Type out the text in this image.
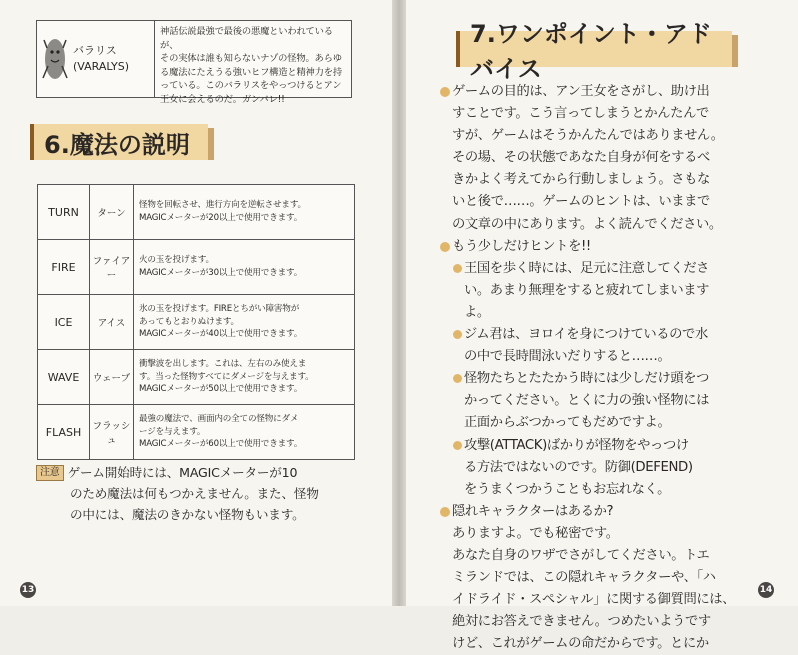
バラリス
(VARALYS)
神話伝説最強で最後の悪魔といわれているが、
その実体は誰も知らないナゾの怪物。あらゆ
る魔法にたえうる強いヒフ構造と精神力を持
っている。このバラリスをやっつけるとアン
王女に会えるのだ。ガンバレ!!
6.魔法の説明
TURN	ターン	怪物を回転させ、進行方向を逆転させます。
MAGICメーターが20以上で使用できます。

FIRE	ファイアー	火の玉を投げます。
MAGICメーターが30以上で使用できます。

ICE	アイス	氷の玉を投げます。FIREとちがい障害物が
あってもとおりぬけます。
MAGICメーターが40以上で使用できます。

WAVE	ウェーブ	衝撃波を出します。これは、左右のみ使えま
す。当った怪物すべてにダメージを与えます。
MAGICメーターが50以上で使用できます。

FLASH	フラッシュ	最強の魔法で、画面内の全ての怪物にダメ
ージを与えます。
MAGICメーターが60以上で使用できます。

注意 ゲーム開始時には、MAGICメーターが10

のため魔法は何もつかえません。また、怪物

の中には、魔法のきかない怪物もいます。

13
7.ワンポイント・アドバイス
14

ゲームの目的は、アン王女をさがし、助け出

すことです。こう言ってしまうとかんたんで

すが、ゲームはそうかんたんではありません。

その場、その状態であなた自身が何をするべ

きかよく考えてから行動しましょう。さもな

いと後で……。ゲームのヒントは、いままで

の文章の中にあります。よく読んでください。

もう少しだけヒントを!!

王国を歩く時には、足元に注意してくださ

い。あまり無理をすると疲れてしまいます

よ。

ジム君は、ヨロイを身につけているので水

の中で長時間泳いだりすると……。

怪物たちとたたかう時には少しだけ頭をつ

かってください。とくに力の強い怪物には

正面からぶつかってもだめですよ。

攻撃(ATTACK)ばかりが怪物をやっつけ

る方法ではないのです。防御(DEFEND)

をうまくつかうこともお忘れなく。

隠れキャラクターはあるか?

ありますよ。でも秘密です。

あなた自身のワザでさがしてください。トエ

ミランドでは、この隠れキャラクターや、「ハ

イドライド・スペシャル」に関する御質問には、

絶対にお答えできません。つめたいようです

けど、これがゲームの命だからです。とにか
